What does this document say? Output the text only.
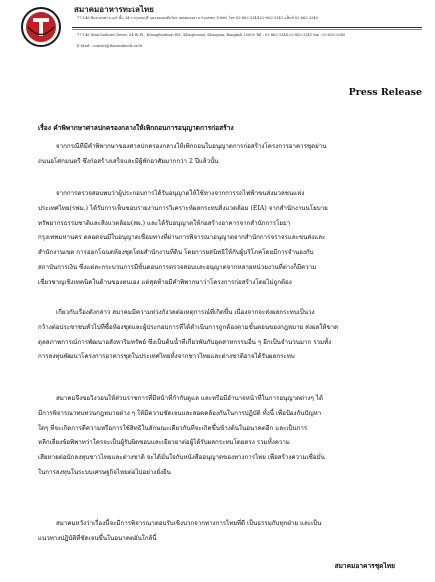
สมาคมอาหารทะเลไทย
77-146 สินสาธรทาวเวอร์ ชั้น 34 ถ.กรุงธนบุรี แขวงคลองต้นไทร เขตคลองสาน กรุงเทพฯ 10600 โทร.02-862-3344,02-862-3341 แฟ็กซ์ 02-862-3340
77-146 Sinn Sathorn Tower, 34 th Fl., Krungthonburi Rd., Klongtonsai, Klongsan, Bangkok 10600 Tel : 02-862-3344,02-862-3341 fax : 02-862-3340
E-Mail : contact@thaiseafoods.or.th
Press Release
เรื่อง คำพิพากษาศาลปกครองกลางให้เพิกถอนการอนุญาตการก่อสร้าง
จากกรณีที่มีคำพิพากษาของศาลปกครองกลางให้เพิกถอนใบอนุญาตการก่อสร้างโครงการอาคารชุดย่าน
ถนนอโศกมนตรี ซึ่งก่อสร้างเสร็จและมีผู้พักอาศัยมากกว่า 2 ปีแล้วนั้น
จากการตรวจสอบพบว่าผู้ประกอบการได้รับอนุญาตให้ใช้ทางจากการรถไฟฟ้าขนส่งมวลชนแห่ง
ประเทศไทย(รฟม.) ได้รับการเห็นชอบรายงานการวิเคราะห์ผลกระทบสิ่งแวดล้อม (EIA) จากสำนักงานนโยบาย
ทรัพยากรธรรมชาติและสิ่งแวดล้อม(สผ.) และได้รับอนุญาตให้ก่อสร้างอาคารจากสำนักการโยธา
กรุงเทพมหานคร ตลอดจนมีใบอนุญาตเชื่อมทางที่ผ่านการพิจารณาอนุญาตจากสำนักการจราจรและขนส่งและ
สำนักงานเขต การออกโฉนดห้องชุดโดยสำนักงานที่ดิน โดยการยสนิทธิให้กับผู้บริโภคโดยมีการจำนองกับ
สถาบันการเงิน ซึ่งแต่ละกระบวนการมีขั้นตอนการตรวจสอบและอนุญาตจากหลายหน่วยงานที่ต่างก็มีความ
เชี่ยวชาญเชิงเทคนิคในด้านของตนเอง แต่สุดท้ายมีคำพิพากษาว่าโครงการก่อสร้างโดยไม่ถูกต้อง
เกี่ยวกับเรื่องดังกล่าว สมาคมมีความห่วงกังวลต่อเหตุการณ์ที่เกิดขึ้น เนื่องจากจะส่งผลกระทบเป็นวง
กว้างต่อประชาชนทั่วไปที่ซื้อห้องชุดและผู้ประกอบการที่ได้ดำเนินการถูกต้องตามขั้นตอนของกฎหมาย ส่งผลให้ขาด
ดุลสภาพการณ์การพัฒนาอสังหาริมทรัพย์ ซึ่งเป็นต้นน้ำที่เกี่ยวพันกับอุตสาหกรรมอื่น ๆ อีกเป็นจำนวนมาก รวมทั้ง
การลงทุนพัฒนาโครงการอาคารชุดในประเทศไทยทั้งจากชาวไทยและต่างชาติอาจได้รับผลกระทบ
สมาคมจึงขอวิงวอนให้ส่วนราชการที่มีหน้าที่กำกับดูแล และหรือมีอำนาจหน้าที่ในการอนุญาตต่างๆ ได้
มีการพิจารณาทบทวนกฎหมายต่าง ๆ ให้มีความชัดเจนและสอดคล้องกันในการปฏิบัติ ทั้งนี้ เพื่อป้องกันปัญหา
ใดๆ ที่จะเกิดการตีความหรือการใช้สิทธิในลักษณะเดียวกันที่จะเกิดขึ้นข้างต้นในอนาคตอีก และเป็นการ
หลีกเลี่ยงข้อพิพาทว่าใครจะเป็นผู้รับผิดชอบและเยียวยาต่อผู้ได้รับผลกระทบโดยตรง รวมทั้งความ
เสียหายต่อนักลงทุนชาวไทยและต่างชาติ จะได้มั่นใจกับหนังสืออนุญาตของทางการไทย เพื่อสร้างความเชื่อมั่น
ในการลงทุนในระบบเศรษฐกิจไทยต่อไปอย่างยั่งยืน
สมาคมหวังว่าเรื่องนี้จะมีการพิจารณาตอบรับเชิงบวกจากทางการไทยที่ดี เป็นธรรมกับทุกฝ่าย และเป็น
แนวทางปฏิบัติที่ชัดเจนขึ้นในอนาคตอันใกล้นี้
สมาคมอาคารชุดไทย
